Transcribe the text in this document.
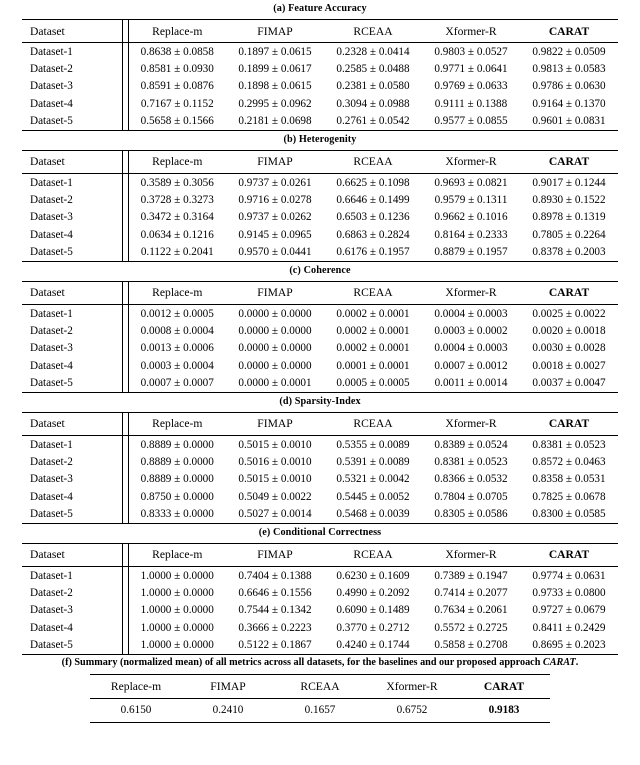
(a) Feature Accuracy

Dataset		Replace-m	FIMAP	RCEAA	Xformer-R	CARAT

Dataset-1		0.8638 ± 0.0858	0.1897 ± 0.0615	0.2328 ± 0.0414	0.9803 ± 0.0527	0.9822 ± 0.0509
Dataset-2		0.8581 ± 0.0930	0.1899 ± 0.0617	0.2585 ± 0.0488	0.9771 ± 0.0641	0.9813 ± 0.0583
Dataset-3		0.8591 ± 0.0876	0.1898 ± 0.0615	0.2381 ± 0.0580	0.9769 ± 0.0633	0.9786 ± 0.0630
Dataset-4		0.7167 ± 0.1152	0.2995 ± 0.0962	0.3094 ± 0.0988	0.9111 ± 0.1388	0.9164 ± 0.1370
Dataset-5		0.5658 ± 0.1566	0.2181 ± 0.0698	0.2761 ± 0.0542	0.9577 ± 0.0855	0.9601 ± 0.0831

(b) Heterogenity

Dataset		Replace-m	FIMAP	RCEAA	Xformer-R	CARAT

Dataset-1		0.3589 ± 0.3056	0.9737 ± 0.0261	0.6625 ± 0.1098	0.9693 ± 0.0821	0.9017 ± 0.1244
Dataset-2		0.3728 ± 0.3273	0.9716 ± 0.0278	0.6646 ± 0.1499	0.9579 ± 0.1311	0.8930 ± 0.1522
Dataset-3		0.3472 ± 0.3164	0.9737 ± 0.0262	0.6503 ± 0.1236	0.9662 ± 0.1016	0.8978 ± 0.1319
Dataset-4		0.0634 ± 0.1216	0.9145 ± 0.0965	0.6863 ± 0.2824	0.8164 ± 0.2333	0.7805 ± 0.2264
Dataset-5		0.1122 ± 0.2041	0.9570 ± 0.0441	0.6176 ± 0.1957	0.8879 ± 0.1957	0.8378 ± 0.2003

(c) Coherence

Dataset		Replace-m	FIMAP	RCEAA	Xformer-R	CARAT

Dataset-1		0.0012 ± 0.0005	0.0000 ± 0.0000	0.0002 ± 0.0001	0.0004 ± 0.0003	0.0025 ± 0.0022
Dataset-2		0.0008 ± 0.0004	0.0000 ± 0.0000	0.0002 ± 0.0001	0.0003 ± 0.0002	0.0020 ± 0.0018
Dataset-3		0.0013 ± 0.0006	0.0000 ± 0.0000	0.0002 ± 0.0001	0.0004 ± 0.0003	0.0030 ± 0.0028
Dataset-4		0.0003 ± 0.0004	0.0000 ± 0.0000	0.0001 ± 0.0001	0.0007 ± 0.0012	0.0018 ± 0.0027
Dataset-5		0.0007 ± 0.0007	0.0000 ± 0.0001	0.0005 ± 0.0005	0.0011 ± 0.0014	0.0037 ± 0.0047

(d) Sparsity-Index

Dataset		Replace-m	FIMAP	RCEAA	Xformer-R	CARAT

Dataset-1		0.8889 ± 0.0000	0.5015 ± 0.0010	0.5355 ± 0.0089	0.8389 ± 0.0524	0.8381 ± 0.0523
Dataset-2		0.8889 ± 0.0000	0.5016 ± 0.0010	0.5391 ± 0.0089	0.8381 ± 0.0523	0.8572 ± 0.0463
Dataset-3		0.8889 ± 0.0000	0.5015 ± 0.0010	0.5321 ± 0.0042	0.8366 ± 0.0532	0.8358 ± 0.0531
Dataset-4		0.8750 ± 0.0000	0.5049 ± 0.0022	0.5445 ± 0.0052	0.7804 ± 0.0705	0.7825 ± 0.0678
Dataset-5		0.8333 ± 0.0000	0.5027 ± 0.0014	0.5468 ± 0.0039	0.8305 ± 0.0586	0.8300 ± 0.0585

(e) Conditional Correctness

Dataset		Replace-m	FIMAP	RCEAA	Xformer-R	CARAT

Dataset-1		1.0000 ± 0.0000	0.7404 ± 0.1388	0.6230 ± 0.1609	0.7389 ± 0.1947	0.9774 ± 0.0631
Dataset-2		1.0000 ± 0.0000	0.6646 ± 0.1556	0.4990 ± 0.2092	0.7414 ± 0.2077	0.9733 ± 0.0800
Dataset-3		1.0000 ± 0.0000	0.7544 ± 0.1342	0.6090 ± 0.1489	0.7634 ± 0.2061	0.9727 ± 0.0679
Dataset-4		1.0000 ± 0.0000	0.3666 ± 0.2223	0.3770 ± 0.2712	0.5572 ± 0.2725	0.8411 ± 0.2429
Dataset-5		1.0000 ± 0.0000	0.5122 ± 0.1867	0.4240 ± 0.1744	0.5858 ± 0.2708	0.8695 ± 0.2023

(f) Summary (normalized mean) of all metrics across all datasets, for the baselines and our proposed approach CARAT.

Replace-m	FIMAP	RCEAA	Xformer-R	CARAT

0.6150	0.2410	0.1657	0.6752	0.9183
